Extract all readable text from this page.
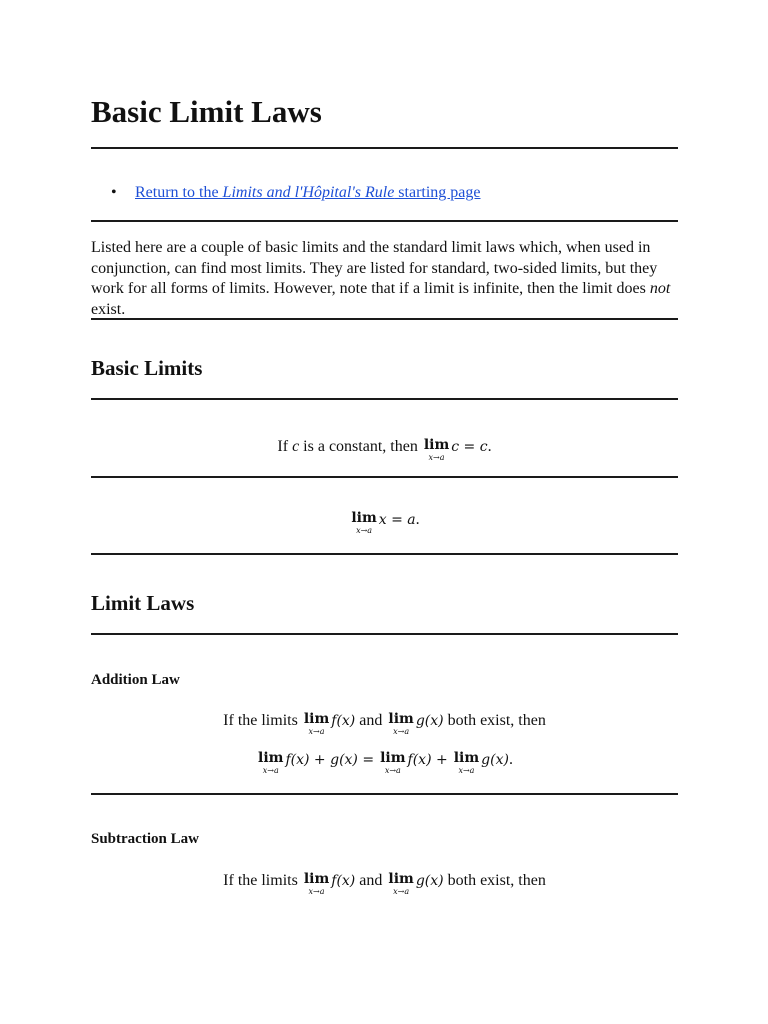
Basic Limit Laws
• Return to the Limits and l'Hôpital's Rule starting page

Listed here are a couple of basic limits and the standard limit laws which, when used in conjunction, can find most limits. They are listed for standard, two-sided limits, but they work for all forms of limits. However, note that if a limit is infinite, then the limit does not exist.

Basic Limits
If c is a constant, then lim
x→a
c = c.
lim
x→a
x = a.
Limit Laws
Addition Law
If the limits lim
x→a
f(x) and lim
x→a
g(x) both exist, then
lim
x→a
f(x) + g(x) = lim
x→a
f(x) + lim
x→a
g(x).
Subtraction Law
If the limits lim
x→a
f(x) and lim
x→a
g(x) both exist, then
